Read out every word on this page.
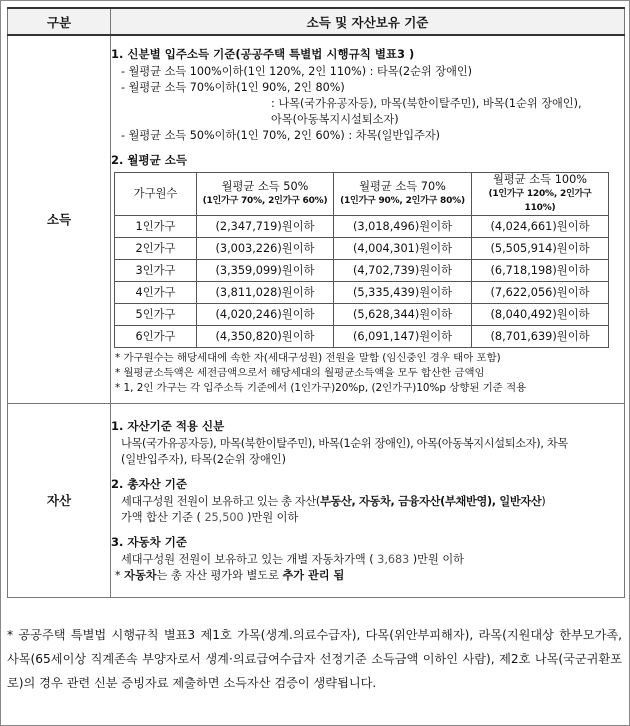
구분	소득 및 자산보유 기준
소득	
1. 신분별 입주소득 기준(공공주택 특별법 시행규칙 별표3 )
- 월평균 소득 100%이하(1인 120%, 2인 110%) : 타목(2순위 장애인)
- 월평균 소득 70%이하(1인 90%, 2인 80%)
: 나목(국가유공자등), 마목(북한이탈주민), 바목(1순위 장애인),
아목(아동복지시설퇴소자)
- 월평균 소득 50%이하(1인 70%, 2인 60%) : 차목(일반입주자)
2. 월평균 소득
가구원수	월평균 소득 50%
(1인가구 70%, 2인가구 60%)
	월평균 소득 70%
(1인가구 90%, 2인가구 80%)
	월평균 소득 100%
(1인가구 120%, 2인가구 110%)

1인가구	(2,347,719)원이하	(3,018,496)원이하	(4,024,661)원이하
2인가구	(3,003,226)원이하	(4,004,301)원이하	(5,505,914)원이하
3인가구	(3,359,099)원이하	(4,702,739)원이하	(6,718,198)원이하
4인가구	(3,811,028)원이하	(5,335,439)원이하	(7,622,056)원이하
5인가구	(4,020,246)원이하	(5,628,344)원이하	(8,040,492)원이하
6인가구	(4,350,820)원이하	(6,091,147)원이하	(8,701,639)원이하
* 가구원수는 해당세대에 속한 자(세대구성원) 전원을 말함 (임신중인 경우 태아 포함)
* 월평균소득액은 세전금액으로서 해당세대의 월평균소득액을 모두 합산한 금액임
* 1, 2인 가구는 각 입주소득 기준에서 (1인가구)20%p, (2인가구)10%p 상향된 기준 적용

자산	
1. 자산기준 적용 신분
나목(국가유공자등), 마목(북한이탈주민), 바목(1순위 장애인), 아목(아동복지시설퇴소자), 차목
(일반입주자), 타목(2순위 장애인)
2. 총자산 기준
세대구성원 전원이 보유하고 있는 총 자산(부동산, 자동차, 금융자산(부채반영), 일반자산)
가액 합산 기준 ( 25,500 )만원 이하
3. 자동차 기준
세대구성원 전원이 보유하고 있는 개별 자동차가액 ( 3,683 )만원 이하
* 자동차는 총 자산 평가와 별도로 추가 관리 됨
* 공공주택 특별법 시행규칙 별표3 제1호 가목(생계.의료수급자), 다목(위안부피해자), 라목(지원대상 한부모가족, 사목(65세이상 직계존속 부양자로서 생계·의료급여수급자 선정기준 소득금액 이하인 사람), 제2호 나목(국군귀환포로)의 경우 관련 신분 증빙자료 제출하면 소득자산 검증이 생략됩니다.
